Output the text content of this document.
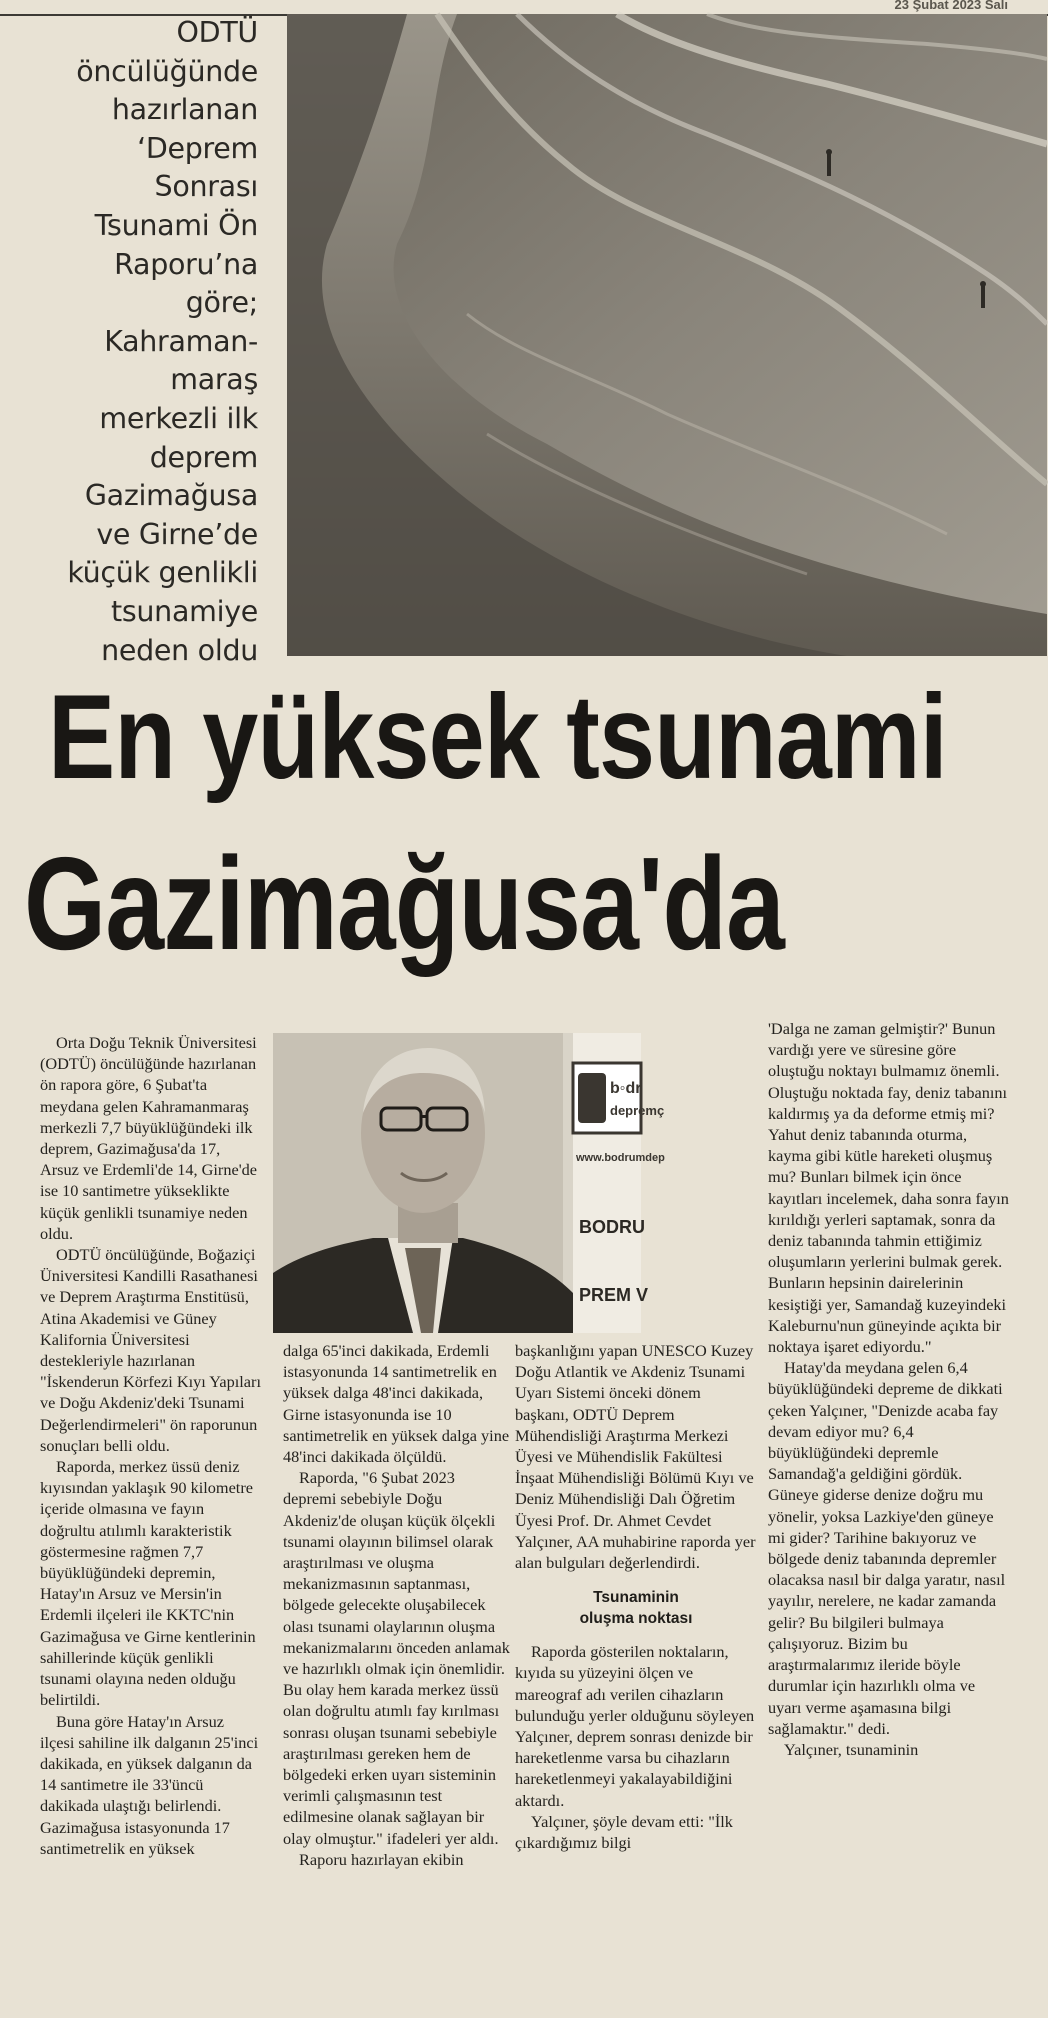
23 Şubat 2023 Salı
ODTÜ
öncülüğünde
hazırlanan
‘Deprem
Sonrası
Tsunami Ön
Raporu’na
göre;
Kahraman-
maraş
merkezli ilk
deprem
Gazimağusa
ve Girne’de
küçük genlikli
tsunamiye
neden oldu
En yüksek tsunami
Gazimağusa'da

Orta Doğu Teknik Üniversitesi (ODTÜ) öncülüğünde hazırlanan ön rapora göre, 6 Şubat'ta meydana gelen Kahramanmaraş merkezli 7,7 büyüklüğündeki ilk deprem, Gazimağusa'da 17, Arsuz ve Erdemli'de 14, Girne'de ise 10 santimetre yükseklikte küçük genlikli tsunamiye neden oldu.

ODTÜ öncülüğünde, Boğaziçi Üniversitesi Kandilli Rasathanesi ve Deprem Araştırma Enstitüsü, Atina Akademisi ve Güney Kalifornia Üniversitesi destekleriyle hazırlanan "İskenderun Körfezi Kıyı Yapıları ve Doğu Akdeniz'deki Tsunami Değerlendirmeleri" ön raporunun sonuçları belli oldu.

Raporda, merkez üssü deniz kıyısından yaklaşık 90 kilometre içeride olmasına ve fayın doğrultu atılımlı karakteristik göstermesine rağmen 7,7 büyüklüğündeki depremin, Hatay'ın Arsuz ve Mersin'in Erdemli ilçeleri ile KKTC'nin Gazimağusa ve Girne kentlerinin sahillerinde küçük genlikli tsunami olayına neden olduğu belirtildi.

Buna göre Hatay'ın Arsuz ilçesi sahiline ilk dalganın 25'inci dakikada, en yüksek dalganın da 14 santimetre ile 33'üncü dakikada ulaştığı belirlendi. Gazimağusa istasyonunda 17 santimetrelik en yüksek

b◦dr
depremç
www.bodrumdep
BODRU
PREM V

dalga 65'inci dakikada, Erdemli istasyonunda 14 santimetrelik en yüksek dalga 48'inci dakikada, Girne istasyonunda ise 10 santimetrelik en yüksek dalga yine 48'inci dakikada ölçüldü.

Raporda, "6 Şubat 2023 depremi sebebiyle Doğu Akdeniz'de oluşan küçük ölçekli tsunami olayının bilimsel olarak araştırılması ve oluşma mekanizmasının saptanması, bölgede gelecekte oluşabilecek olası tsunami olaylarının oluşma mekanizmalarını önceden anlamak ve hazırlıklı olmak için önemlidir. Bu olay hem karada merkez üssü olan doğrultu atımlı fay kırılması sonrası oluşan tsunami sebebiyle araştırılması gereken hem de bölgedeki erken uyarı sisteminin verimli çalışmasının test edilmesine olanak sağlayan bir olay olmuştur." ifadeleri yer aldı.

Raporu hazırlayan ekibin

başkanlığını yapan UNESCO Kuzey Doğu Atlantik ve Akdeniz Tsunami Uyarı Sistemi önceki dönem başkanı, ODTÜ Deprem Mühendisliği Araştırma Merkezi Üyesi ve Mühendislik Fakültesi İnşaat Mühendisliği Bölümü Kıyı ve Deniz Mühendisliği Dalı Öğretim Üyesi Prof. Dr. Ahmet Cevdet Yalçıner, AA muhabirine raporda yer alan bulguları değerlendirdi.

Tsunaminin
oluşma noktası

Raporda gösterilen noktaların, kıyıda su yüzeyini ölçen ve mareograf adı verilen cihazların bulunduğu yerler olduğunu söyleyen Yalçıner, deprem sonrası denizde bir hareketlenme varsa bu cihazların hareketlenmeyi yakalayabildiğini aktardı.

Yalçıner, şöyle devam etti: "İlk çıkardığımız bilgi

'Dalga ne zaman gelmiştir?' Bunun vardığı yere ve süresine göre oluştuğu noktayı bulmamız önemli. Oluştuğu noktada fay, deniz tabanını kaldırmış ya da deforme etmiş mi? Yahut deniz tabanında oturma, kayma gibi kütle hareketi oluşmuş mu? Bunları bilmek için önce kayıtları incelemek, daha sonra fayın kırıldığı yerleri saptamak, sonra da deniz tabanında tahmin ettiğimiz oluşumların yerlerini bulmak gerek. Bunların hepsinin dairelerinin kesiştiği yer, Samandağ kuzeyindeki Kaleburnu'nun güneyinde açıkta bir noktaya işaret ediyordu."

Hatay'da meydana gelen 6,4 büyüklüğündeki depreme de dikkati çeken Yalçıner, "Denizde acaba fay devam ediyor mu? 6,4 büyüklüğündeki depremle Samandağ'a geldiğini gördük. Güneye giderse denize doğru mu yönelir, yoksa Lazkiye'den güneye mi gider? Tarihine bakıyoruz ve bölgede deniz tabanında depremler olacaksa nasıl bir dalga yaratır, nasıl yayılır, nerelere, ne kadar zamanda gelir? Bu bilgileri bulmaya çalışıyoruz. Bizim bu araştırmalarımız ileride böyle durumlar için hazırlıklı olma ve uyarı verme aşamasına bilgi sağlamaktır." dedi.

Yalçıner, tsunaminin
